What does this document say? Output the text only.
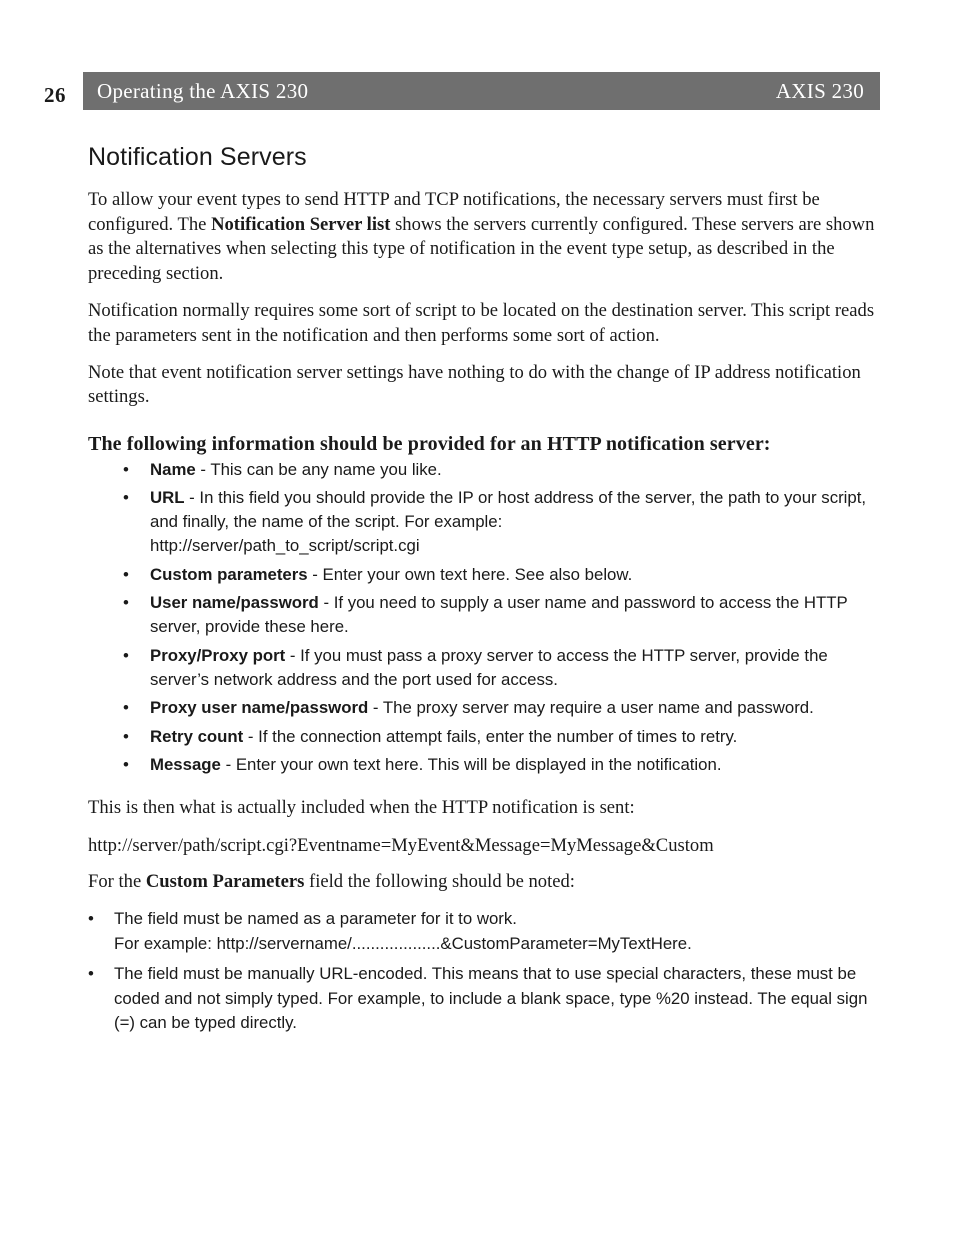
26 Operating the AXIS 230	AXIS 230
Notification Servers

To allow your event types to send HTTP and TCP notifications, the necessary servers must first be configured. The Notification Server list shows the servers currently configured. These servers are shown as the alternatives when selecting this type of notification in the event type setup, as described in the preceding section.

Notification normally requires some sort of script to be located on the destination server. This script reads the parameters sent in the notification and then performs some sort of action.

Note that event notification server settings have nothing to do with the change of IP address notification settings.

The following information should be provided for an HTTP notification server:
• Name - This can be any name you like.
• URL - In this field you should provide the IP or host address of the server, the path to your script, and finally, the name of the script. For example:
http://server/path_to_script/script.cgi
• Custom parameters - Enter your own text here. See also below.
• User name/password - If you need to supply a user name and password to access the HTTP server, provide these here.
• Proxy/Proxy port - If you must pass a proxy server to access the HTTP server, provide the server’s network address and the port used for access.
• Proxy user name/password - The proxy server may require a user name and password.
• Retry count - If the connection attempt fails, enter the number of times to retry.
• Message - Enter your own text here. This will be displayed in the notification.

This is then what is actually included when the HTTP notification is sent:

http://server/path/script.cgi?Eventname=MyEvent&Message=MyMessage&Custom

For the Custom Parameters field the following should be noted:

• The field must be named as a parameter for it to work.
For example: http://servername/...................&CustomParameter=MyTextHere.
• The field must be manually URL-encoded. This means that to use special characters, these must be coded and not simply typed. For example, to include a blank space, type %20 instead. The equal sign (=) can be typed directly.
